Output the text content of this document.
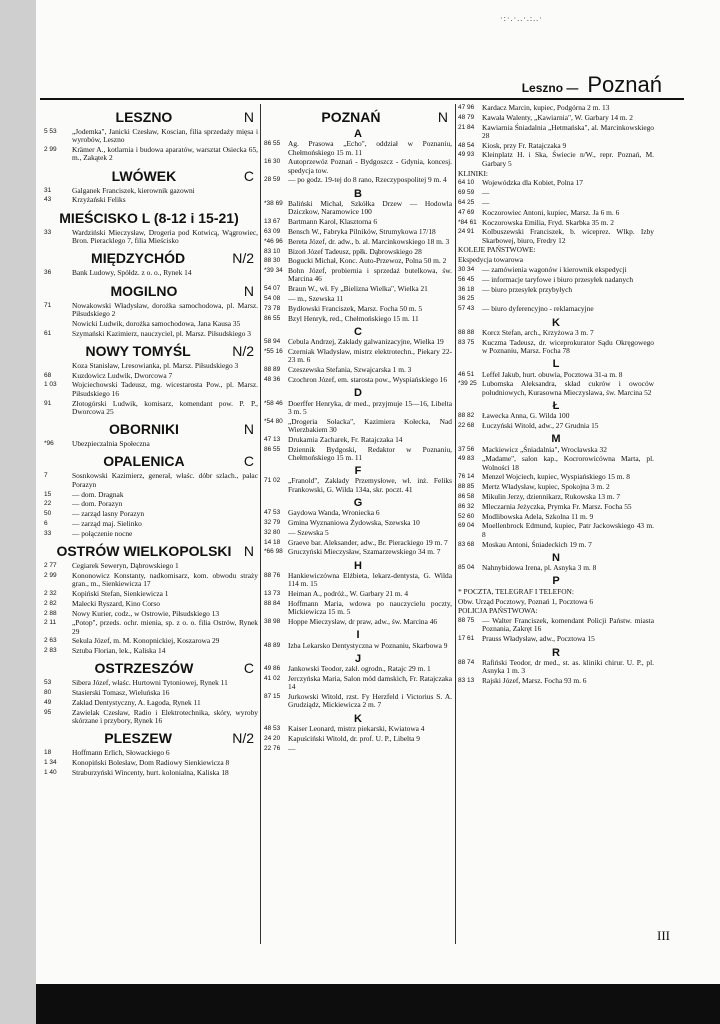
·:·.·..·.:..·
Leszno — Poznań
LESZNO	N
5 53	„Jodemka", Janicki Czesław, Koscian, filia sprzedaży mięsa i wyrobów, Leszno
2 99	Krämer A., kotlarnia i budowa aparatów, warsztat Osiecka 65, m., Zakątek 2
LWÓWEK	C
31	Galganek Franciszek, kierownik gazowni
43	Krzyżański Feliks
MIEŚCISKO L (8-12 i 15-21)
33	Wardziński Mieczysław, Drogeria pod Kotwicą, Wągrowiec, Bron. Pieracklego 7, filia Mieścisko
MIĘDZYCHÓD	N/2
36	Bank Ludowy, Spółdz. z o. o., Rynek 14
MOGILNO	N
71	Nowakowski Władysław, dorożka samochodowa, pl. Marsz. Piłsudskiego 2
Nowicki Ludwik, dorożka samochodowa, Jana Kausa 35
61	Szymański Kazimierz, nauczyciel, pl. Marsz. Piłsudskiego 3
NOWY TOMYŚL	N/2
Koza Stanisław, Lresowianka, pl. Marsz. Piłsudskiego 3
68	Kuzdowicz Ludwik, Dworcowa 7
1 03	Wojciechowski Tadeusz, mg. wicestarosta Pow., pl. Marsz. Piłsudskiego 16
91	Złotogórski Ludwik, komisarz, komendant pow. P. P., Dworcowa 25
OBORNIKI	N
*96	Ubezpieczalnia Społeczna
OPALENICA	C
7	Sosnkowski Kazimierz, generał, właśc. dóbr szlach., pałac Porazyn
15	— dom. Dragnak
22	— dom. Porazyn
50	— zarząd lasny Porazyn
6	— zarząd maj. Sielinko
33	— połączenie nocne
OSTRÓW WIELKOPOLSKI N
2 77	Cegiarek Seweryn, Dąbrowskiego 1
2 99	Kononowicz Konstanty, nadkomisarz, kom. obwodu straży gran., m., Sienkiewicza 17
2 32	Kopiński Stefan, Sienkiewicza 1
2 82	Malecki Ryszard, Kino Corso
2 88	Nowy Kurier, codz., w Ostrowie, Piłsudskiego 13
2 11	„Potop", przeds. ochr. mienia, sp. z o. o. filia Ostrów, Rynek 29
2 63	Sekula Józef, m. M. Konopnickiej, Koszarowa 29
2 83	Sztuba Florian, lek., Kaliska 14
OSTRZESZÓW	C
53	Sibera Józef, właśc. Hurtowni Tytoniowej, Rynek 11
80	Stasierski Tomasz, Wieluńska 16
49	Zakład Dentystyczny, A. Łagoda, Rynek 11
95	Zawielak Czesław, Radio i Elektrotechnika, skóry, wyroby skórzane i przybory, Rynek 16
PLESZEW	N/2
18	Hoffmann Erlich, Słowackiego 6
1 34	Konopiński Bolesław, Dom Radiowy Sienkiewicza 8
1 40	Straburzyński Wincenty, hurt. kolonialna, Kaliska 18
POZNAŃ	N
A
86 55	Ag. Prasowa „Echo", oddział w Poznaniu, Chełmońskiego 15 m. 11
16 30	Autoprzewóz Poznań - Bydgoszcz - Gdynia, koncesj. spedycja tow.
28 59	— po godz. 19-tej do 8 rano, Rzeczypospolitej 9 m. 4
B
*38 69 Baliński Michał, Szkółka Drzew — Hodowla Dziczkow, Naramowice 100
13 67	Bartmann Karol, Klasztorna 6
63 09	Bensch W., Fabryka Pilników, Strumykowa 17/18
*46 96 Bereta Józef, dr. adw., b. al. Marcinkowskiego 18 m. 3
83 10	Bizoń Józef Tadeusz, ppłk. Dąbrowskiego 28
88 30	Bogucki Michał, Konc. Auto-Przewoz, Polna 50 m. 2
*39 34 Bohn Józef, probiernia i sprzedaż butelkowa, św. Marcina 46
54 07	Braun W., wł. Fy „Bielizna Wielka", Wielka 21
54 08	— m., Szewska 11
73 78	Bydłowski Franciszek, Marsz. Focha 50 m. 5
86 55	Bzyl Henryk, red., Chełmońskiego 15 m. 11
C
58 94	Cebula Andrzej, Zakłady galwanizacyjne, Wielka 19
*55 16 Czerniak Władysław, mistrz elektrotechn., Piekary 22-23 m. 6
88 89	Czeszewska Stefania, Szwajcarska 1 m. 3
48 36	Czochron Józef, em. starosta pow., Wyspiańskiego 16
D
*58 46 Doerffer Henryka, dr med., przyjmuje 15—16, Libelta 3 m. 5
*54 80 „Drogeria Sołacka", Kazimiera Kołecka, Nad Wierzbakiem 30
47 13	Drukarnia Zacharek, Fr. Ratajczaka 14
86 55	Dziennik Bydgoski, Redaktor w Poznaniu, Chełmońskiego 15 m. 11
F
71 02	„Franold", Zakłady Przemysłowe, wł. inż. Feliks Frankowski, G. Wilda 134a, skr. poczt. 41
G
47 53	Gaydowa Wanda, Wroniecka 6
32 79	Gmina Wyznaniowa Żydowska, Szewska 10
32 80	— Szewska 5
14 18	Graeve bar. Aleksander, adw., Br. Pierackiego 19 m. 7
*66 98 Gruczyński Mieczysław, Szamarzewskiego 34 m. 7
H
88 76	Hankiewiczówna Elżbieta, lekarz-dentysta, G. Wilda 114 m. 15
13 73	Heiman A., podróż., W. Garbary 21 m. 4
88 84	Hoffmann Maria, wdowa po nauczycielu poczty, Mickiewicza 15 m. 5
38 98	Hoppe Mieczysław, dr praw, adw., św. Marcina 46
I
48 89	Izba Lekarsko Dentystyczna w Poznaniu, Skarbowa 9
J
49 86	Jankowski Teodor, zakł. ogrodn., Ratajc 29 m. 1
41 02	Jerczyńska Maria, Salon mód damskich, Fr. Ratajczaka 14
87 15	Jurkowski Witold, rzst. Fy Herzfeld i Victorius S. A. Grudziądz, Mickiewicza 2 m. 7
K
48 53	Kaiser Leonard, mistrz piekarski, Kwiatowa 4
24 20	Kapuściński Witold, dr. prof. U. P., Libelta 9
22 76	—
47 96	Kardacz Marcin, kupiec, Podgórna 2 m. 13
48 79	Kawała Walenty, „Kawiarnia", W. Garbary 14 m. 2
21 84	Kawiarnia Śniadalnia „Hetmańska", al. Marcinkowskiego 28
48 54	Kiosk, przy Fr. Ratajczaka 9
49 93	Kleinplatz H. i Ska, Świecie n/W., repr. Poznań, M. Garbary 5
KLINIKI:
64 10	Wojewódzka dla Kobiet, Polna 17
69 59	—
64 25	—
47 69	Koczorowiec Antoni, kupiec, Marsz. Ja 6 m. 6
*84 61 Koczorowska Emilia, Fryd. Skarbka 35 m. 2
24 91	Kolbuszewski Franciszek, b. wiceprez. Wlkp. Izby Skarbowej, biuro, Fredry 12
KOLEJE PAŃSTWOWE:
Ekspedycja towarowa
30 34	— zamówienia wagonów i kierownik ekspedycji
56 45	— informacje taryfowe i biuro przesyłek nadanych
36 18	— biuro przesyłek przybyłych
36 25
57 43	— biuro dyferencyjno - reklamacyjne
K
88 88	Korcz Stefan, arch., Krzyżowa 3 m. 7
83 75	Kuczma Tadeusz, dr. wiceprokurator Sądu Okręgowego w Poznaniu, Marsz. Focha 78
L
46 51	Leffel Jakub, hurt. obuwia, Pocztowa 31-a m. 8
*39 25 Lubomska Aleksandra, skład cukrów i owoców południowych, Kurasowna Mieczysława, św. Marcina 52
Ł
88 82	Ławecka Anna, G. Wilda 100
22 68	Łuczyński Witold, adw., 27 Grudnia 15
M
37 56	Mackiewicz „Śniadalnia", Wrocławska 32
49 83	„Madame", salon kap., Kocrorowicówna Marta, pl. Wolności 18
76 14	Menzel Wojciech, kupiec, Wyspiańskiego 15 m. 8
88 85	Mertz Władysław, kupiec, Spokojna 3 m. 2
86 58	Mikulin Jerzy, dziennikarz, Rukowska 13 m. 7
86 32	Mleczarnia Jeżyczka, Prymka Fr. Marsz. Focha 55
52 60	Modlibowska Adela, Szkolna 11 m. 9
69 04	Moellenbrock Edmund, kupiec, Patr Jackowskiego 43 m. 8
83 68	Moskau Antoni, Śniadeckich 19 m. 7
N
85 04	Nahnybidowa Irena, pl. Asnyka 3 m. 8
P
* POCZTA, TELEGRAF I TELEFON:
Obw. Urząd Pocztowy, Poznań 1, Pocztowa 6
POLICJA PAŃSTWOWA:
88 75	— Walter Franciszek, komendant Policji Państw. miasta Poznania, Zakręt 16
17 61	Prauss Władysław, adw., Pocztowa 15
R
88 74	Rafiński Teodor, dr med., st. as. kliniki chirur. U. P., pl. Asnyka 1 m. 3
83 13	Rajski Józef, Marsz. Focha 93 m. 6
III
